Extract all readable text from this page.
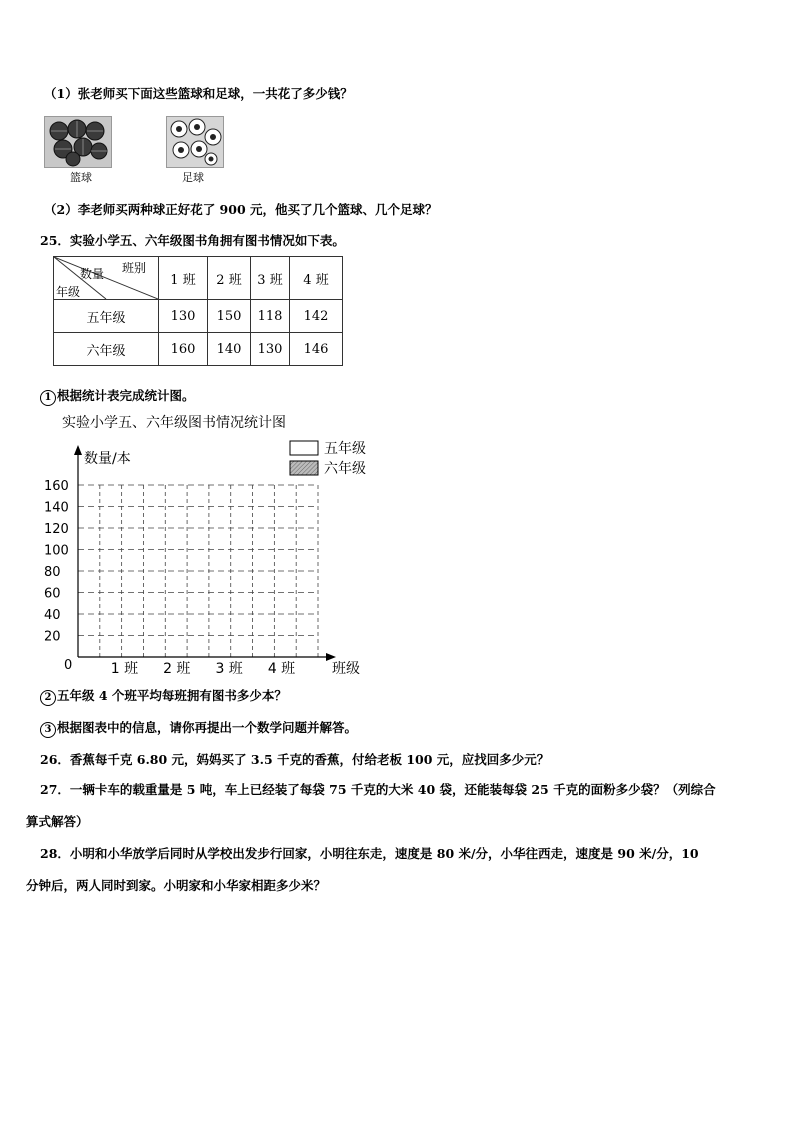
（1）张老师买下面这些篮球和足球，一共花了多少钱？
篮球	足球
（2）李老师买两种球正好花了 900 元，他买了几个篮球、几个足球？
25．实验小学五、六年级图书角拥有图书情况如下表。
班别
数量
年级	1 班	2 班	3 班	4 班
五年级	130	150	118	142
六年级	160	140	130	146
1 根据统计表完成统计图。
实验小学五、六年级图书情况统计图
数量/本
五年级
六年级
0
20
40
60
80
100
120
140
160
1 班 2 班 3 班 4 班	班级
2 五年级 4 个班平均每班拥有图书多少本？
3 根据图表中的信息，请你再提出一个数学问题并解答。
26．香蕉每千克 6.80 元，妈妈买了 3.5 千克的香蕉，付给老板 100 元，应找回多少元？
27．一辆卡车的载重量是 5 吨，车上已经装了每袋 75 千克的大米 40 袋，还能装每袋 25 千克的面粉多少袋？（列综合
算式解答）
28．小明和小华放学后同时从学校出发步行回家，小明往东走，速度是 80 米/分，小华往西走，速度是 90 米/分，10
分钟后，两人同时到家。小明家和小华家相距多少米？
